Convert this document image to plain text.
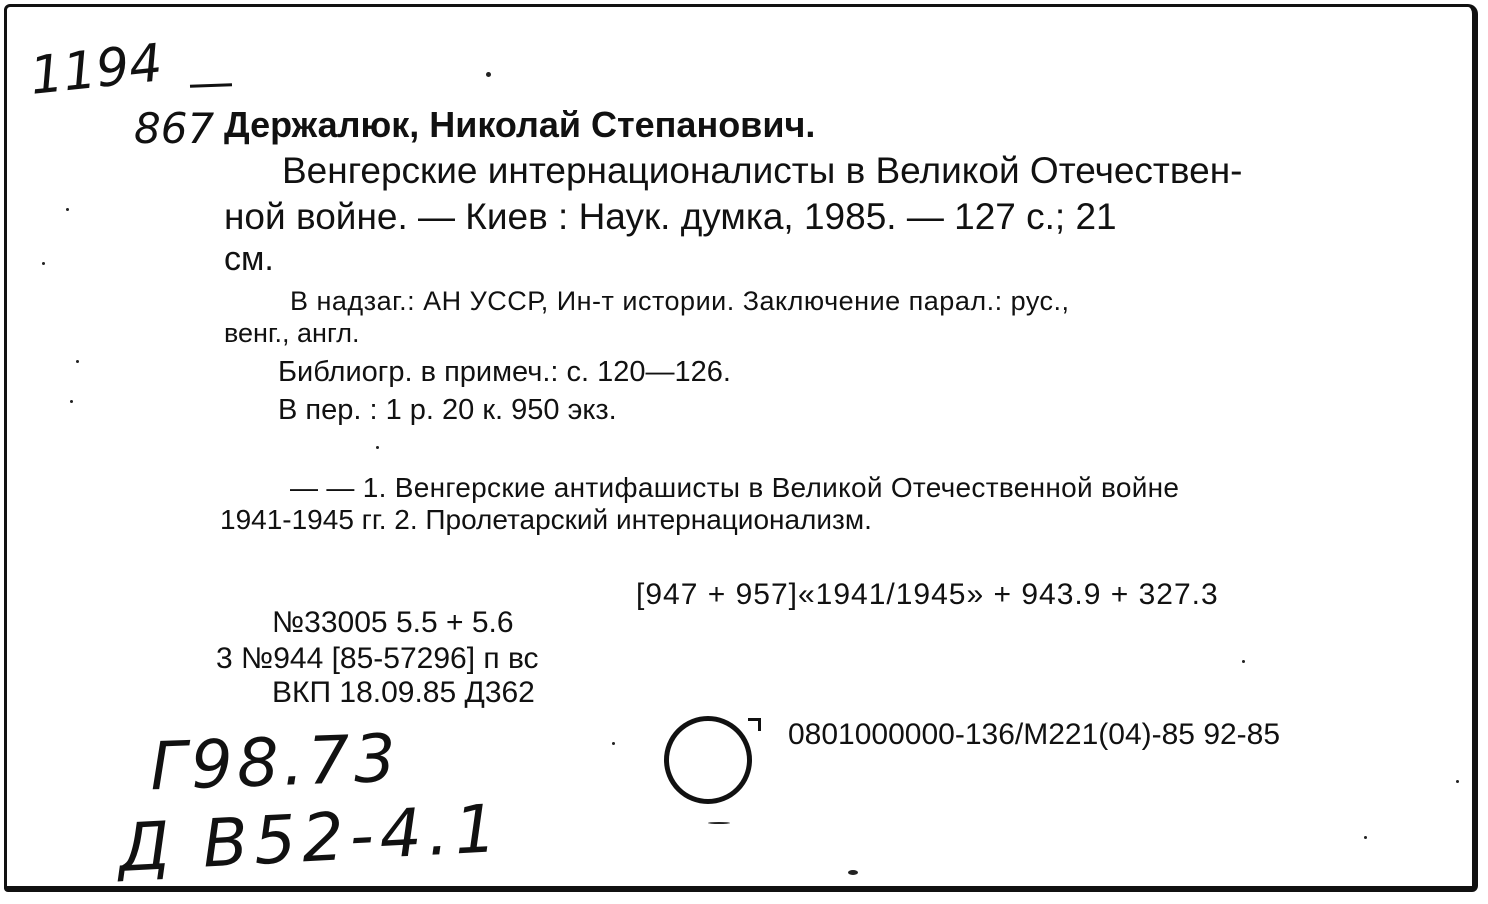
1194
867 Держалюк, Николай Степанович.
Венгерские интернационалисты в Великой Отечествен-
ной войне. — Киев : Наук. думка, 1985. — 127 с.; 21
см.
В надзаг.: АН УССР, Ин-т истории. Заключение парал.: рус.,
венг., англ.
Библиогр. в примеч.: с. 120—126.
В пер. : 1 р. 20 к. 950 экз.
— — 1. Венгерские антифашисты в Великой Отечественной войне
1941-1945 гг. 2. Пролетарский интернационализм.
[947 + 957]«1941/1945» + 943.9 + 327.3
№33005 5.5 + 5.6
3 №944 [85-57296] п вс
ВКП 18.09.85 Д362
0801000000-136/М221(04)-85 92-85
Г98.73
Д B52-4.1
